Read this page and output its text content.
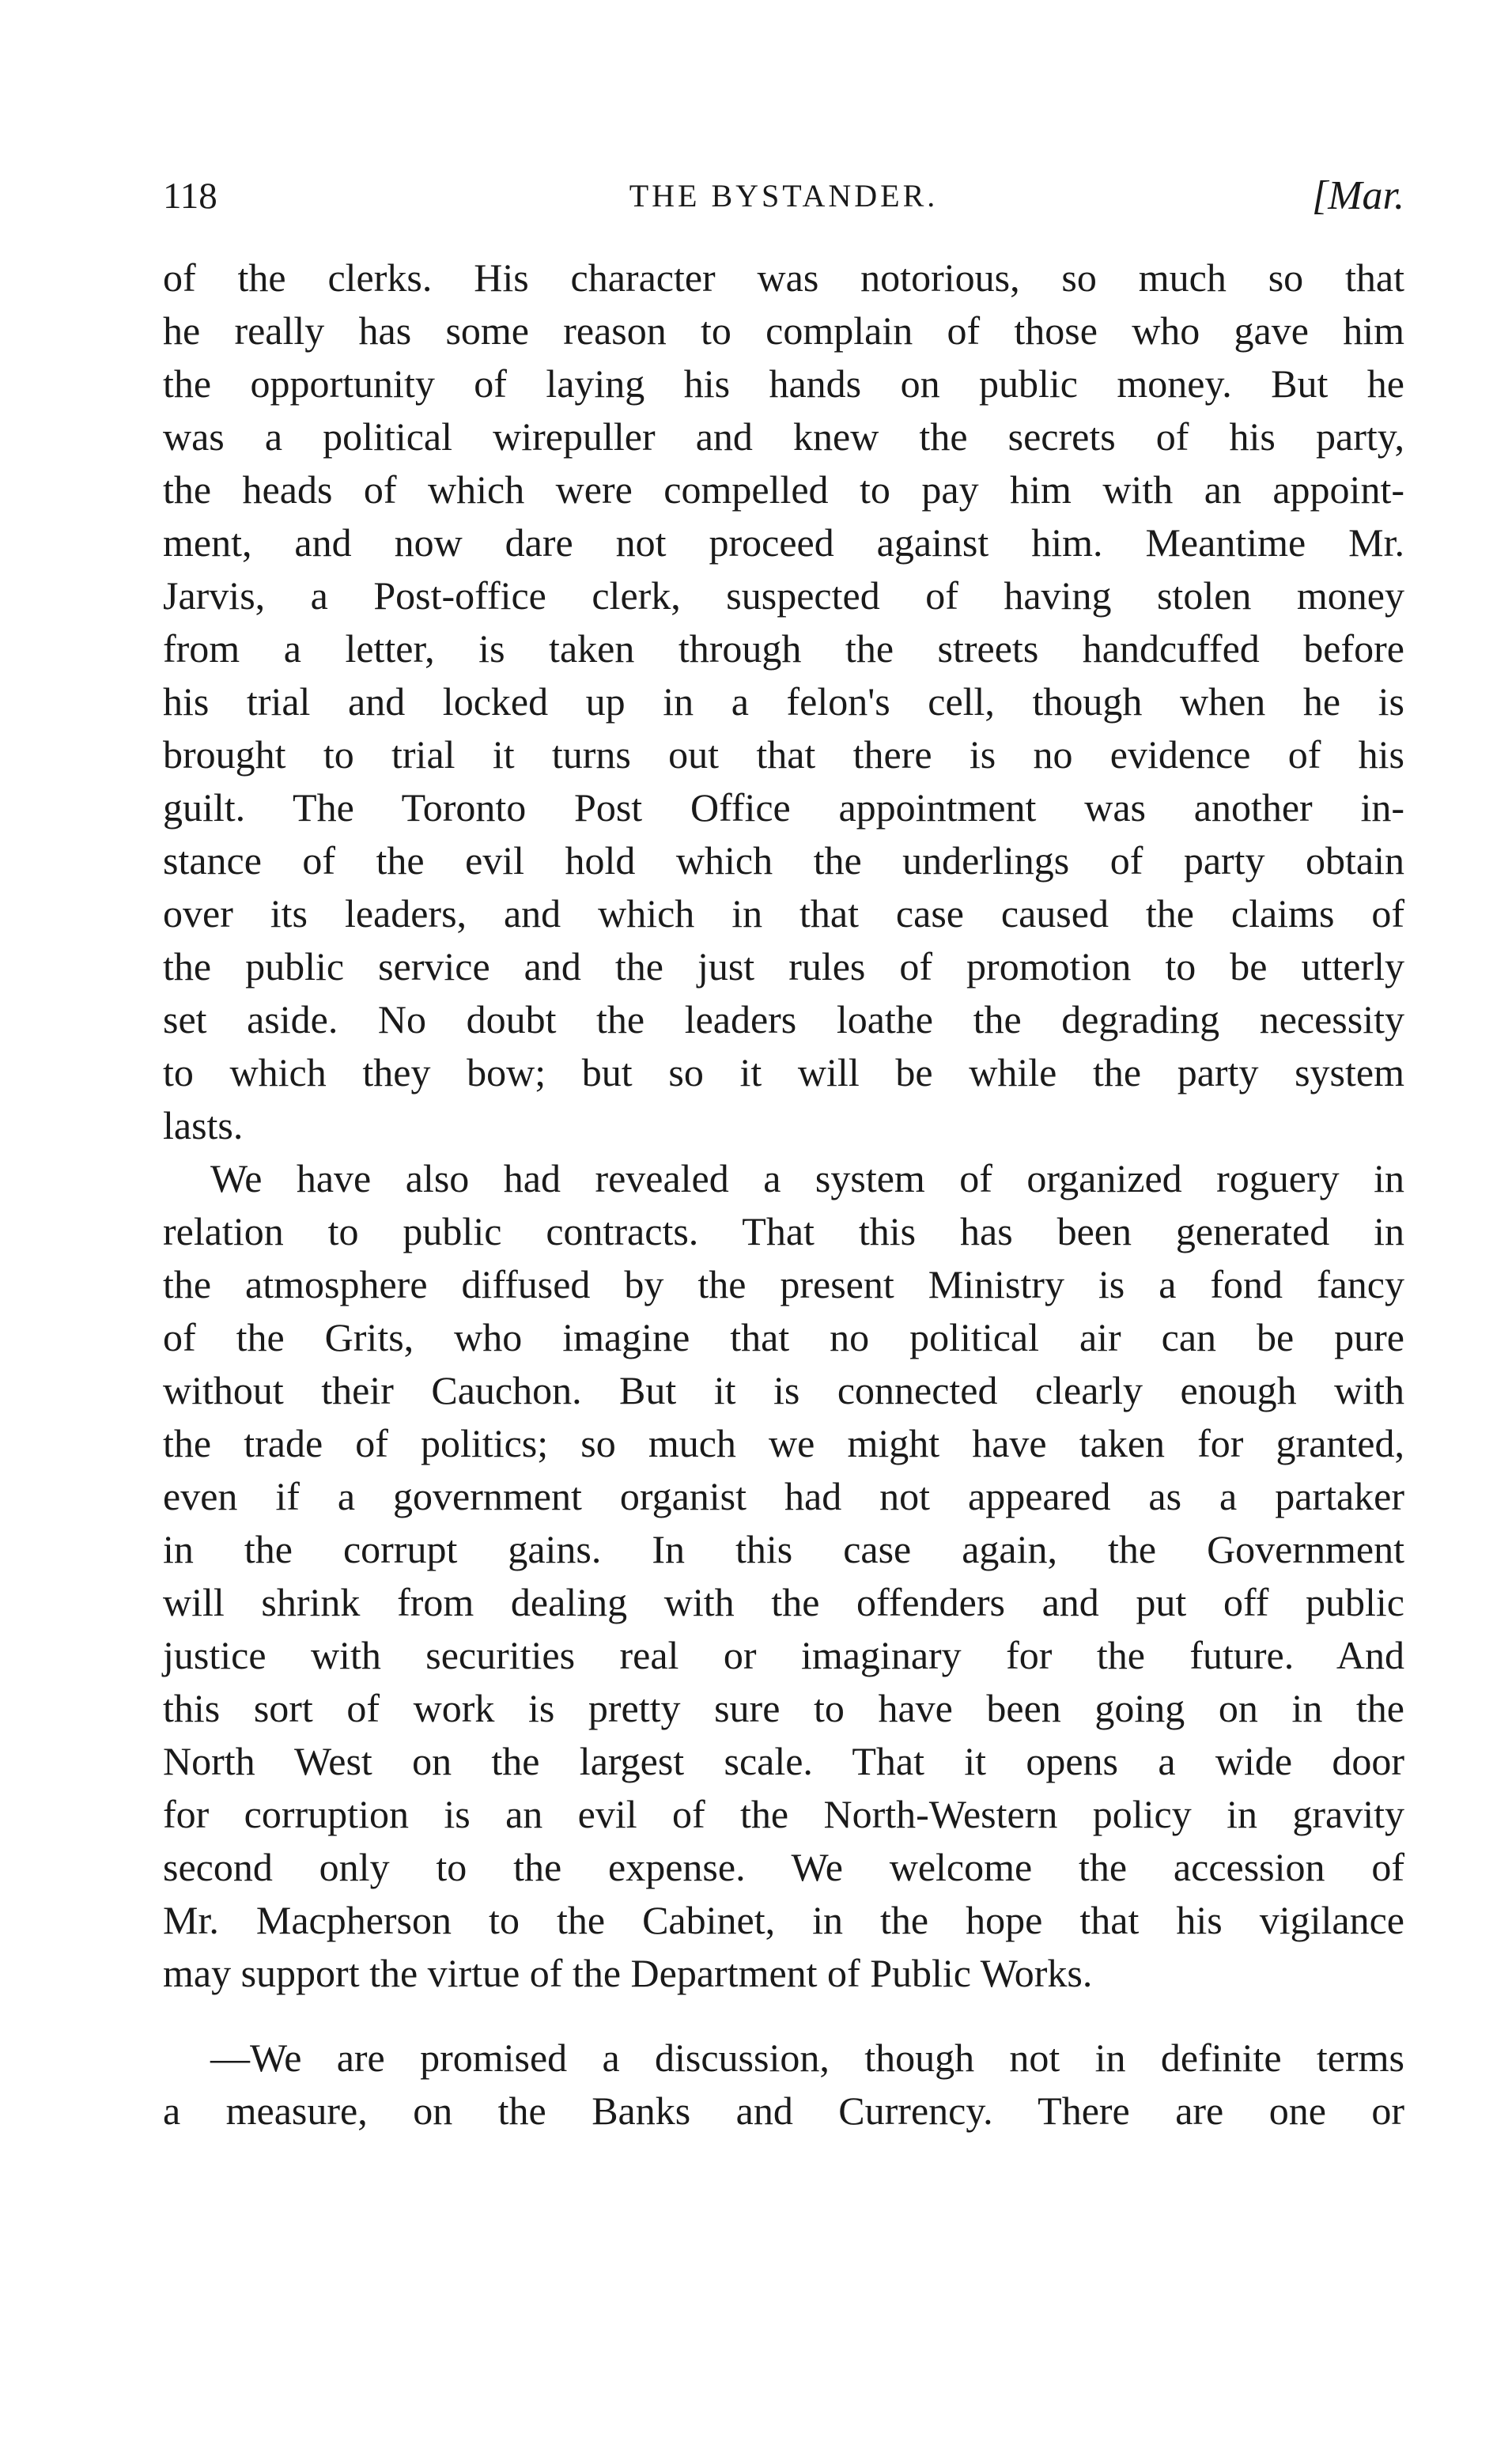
118	THE BYSTANDER.	[Mar.
of the clerks. His character was notorious, so much so that
he really has some reason to complain of those who gave him
the opportunity of laying his hands on public money. But he
was a political wirepuller and knew the secrets of his party,
the heads of which were compelled to pay him with an appoint-
ment, and now dare not proceed against him. Meantime Mr.
Jarvis, a Post-office clerk, suspected of having stolen money
from a letter, is taken through the streets handcuffed before
his trial and locked up in a felon's cell, though when he is
brought to trial it turns out that there is no evidence of his
guilt. The Toronto Post Office appointment was another in-
stance of the evil hold which the underlings of party obtain
over its leaders, and which in that case caused the claims of
the public service and the just rules of promotion to be utterly
set aside. No doubt the leaders loathe the degrading necessity
to which they bow; but so it will be while the party system
lasts.
We have also had revealed a system of organized roguery in
relation to public contracts. That this has been generated in
the atmosphere diffused by the present Ministry is a fond fancy
of the Grits, who imagine that no political air can be pure
without their Cauchon. But it is connected clearly enough with
the trade of politics; so much we might have taken for granted,
even if a government organist had not appeared as a partaker
in the corrupt gains. In this case again, the Government
will shrink from dealing with the offenders and put off public
justice with securities real or imaginary for the future. And
this sort of work is pretty sure to have been going on in the
North West on the largest scale. That it opens a wide door
for corruption is an evil of the North-Western policy in gravity
second only to the expense. We welcome the accession of
Mr. Macpherson to the Cabinet, in the hope that his vigilance
may support the virtue of the Department of Public Works.
—We are promised a discussion, though not in definite terms
a measure, on the Banks and Currency. There are one or
